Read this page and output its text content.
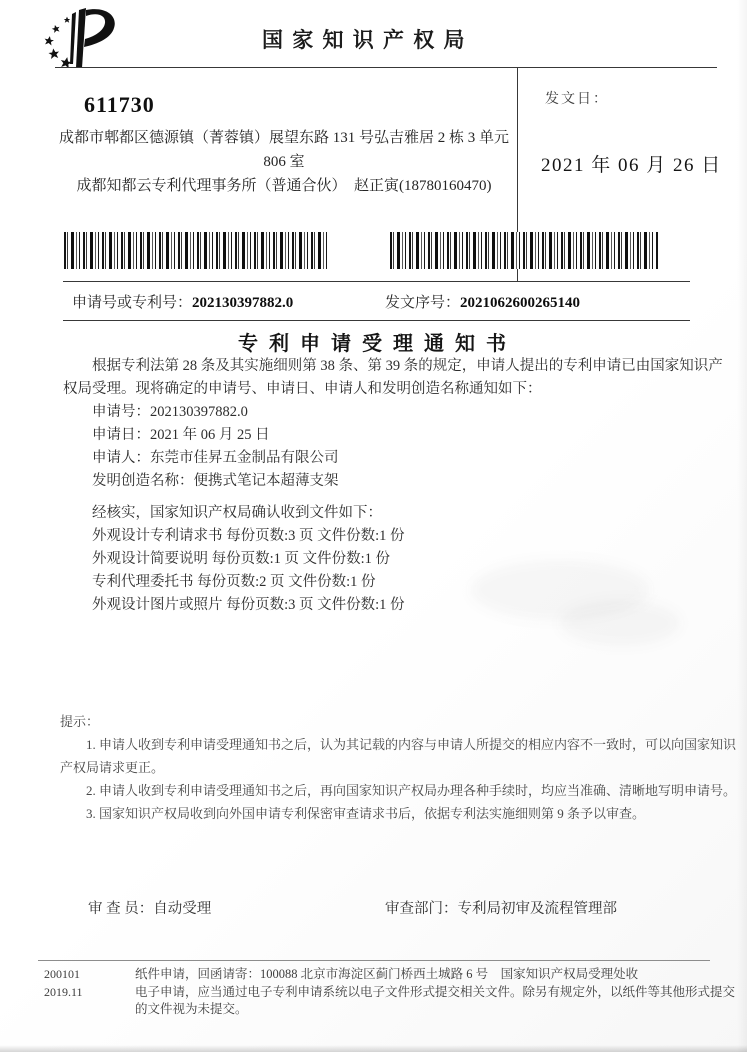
国 家 知 识 产 权 局
发文日：
2021 年 06 月 26 日
611730
成都市郫都区德源镇（菁蓉镇）展望东路 131 号弘吉雅居 2 栋 3 单元
806 室
成都知都云专利代理事务所（普通合伙）　赵正寅(18780160470)
申请号或专利号：202130397882.0	发文序号：2021062600265140
专 利 申 请 受 理 通 知 书

根据专利法第 28 条及其实施细则第 38 条、第 39 条的规定，申请人提出的专利申请已由国家知识产权局受理。现将确定的申请号、申请日、申请人和发明创造名称通知如下：

申请号：202130397882.0
申请日：2021 年 06 月 25 日
申请人：东莞市佳昇五金制品有限公司
发明创造名称：便携式笔记本超薄支架
经核实，国家知识产权局确认收到文件如下：
外观设计专利请求书 每份页数:3 页 文件份数:1 份
外观设计简要说明 每份页数:1 页 文件份数:1 份
专利代理委托书 每份页数:2 页 文件份数:1 份
外观设计图片或照片 每份页数:3 页 文件份数:1 份

提示：

1. 申请人收到专利申请受理通知书之后，认为其记载的内容与申请人所提交的相应内容不一致时，可以向国家知识产权局请求更正。

2. 申请人收到专利申请受理通知书之后，再向国家知识产权局办理各种手续时，均应当准确、清晰地写明申请号。

3. 国家知识产权局收到向外国申请专利保密审查请求书后，依据专利法实施细则第 9 条予以审查。

审 查 员：自动受理	审查部门：专利局初审及流程管理部
200101
2019.11
纸件申请，回函请寄：100088 北京市海淀区蓟门桥西土城路 6 号　国家知识产权局受理处收
电子申请，应当通过电子专利申请系统以电子文件形式提交相关文件。除另有规定外，以纸件等其他形式提交的文件视为未提交。
